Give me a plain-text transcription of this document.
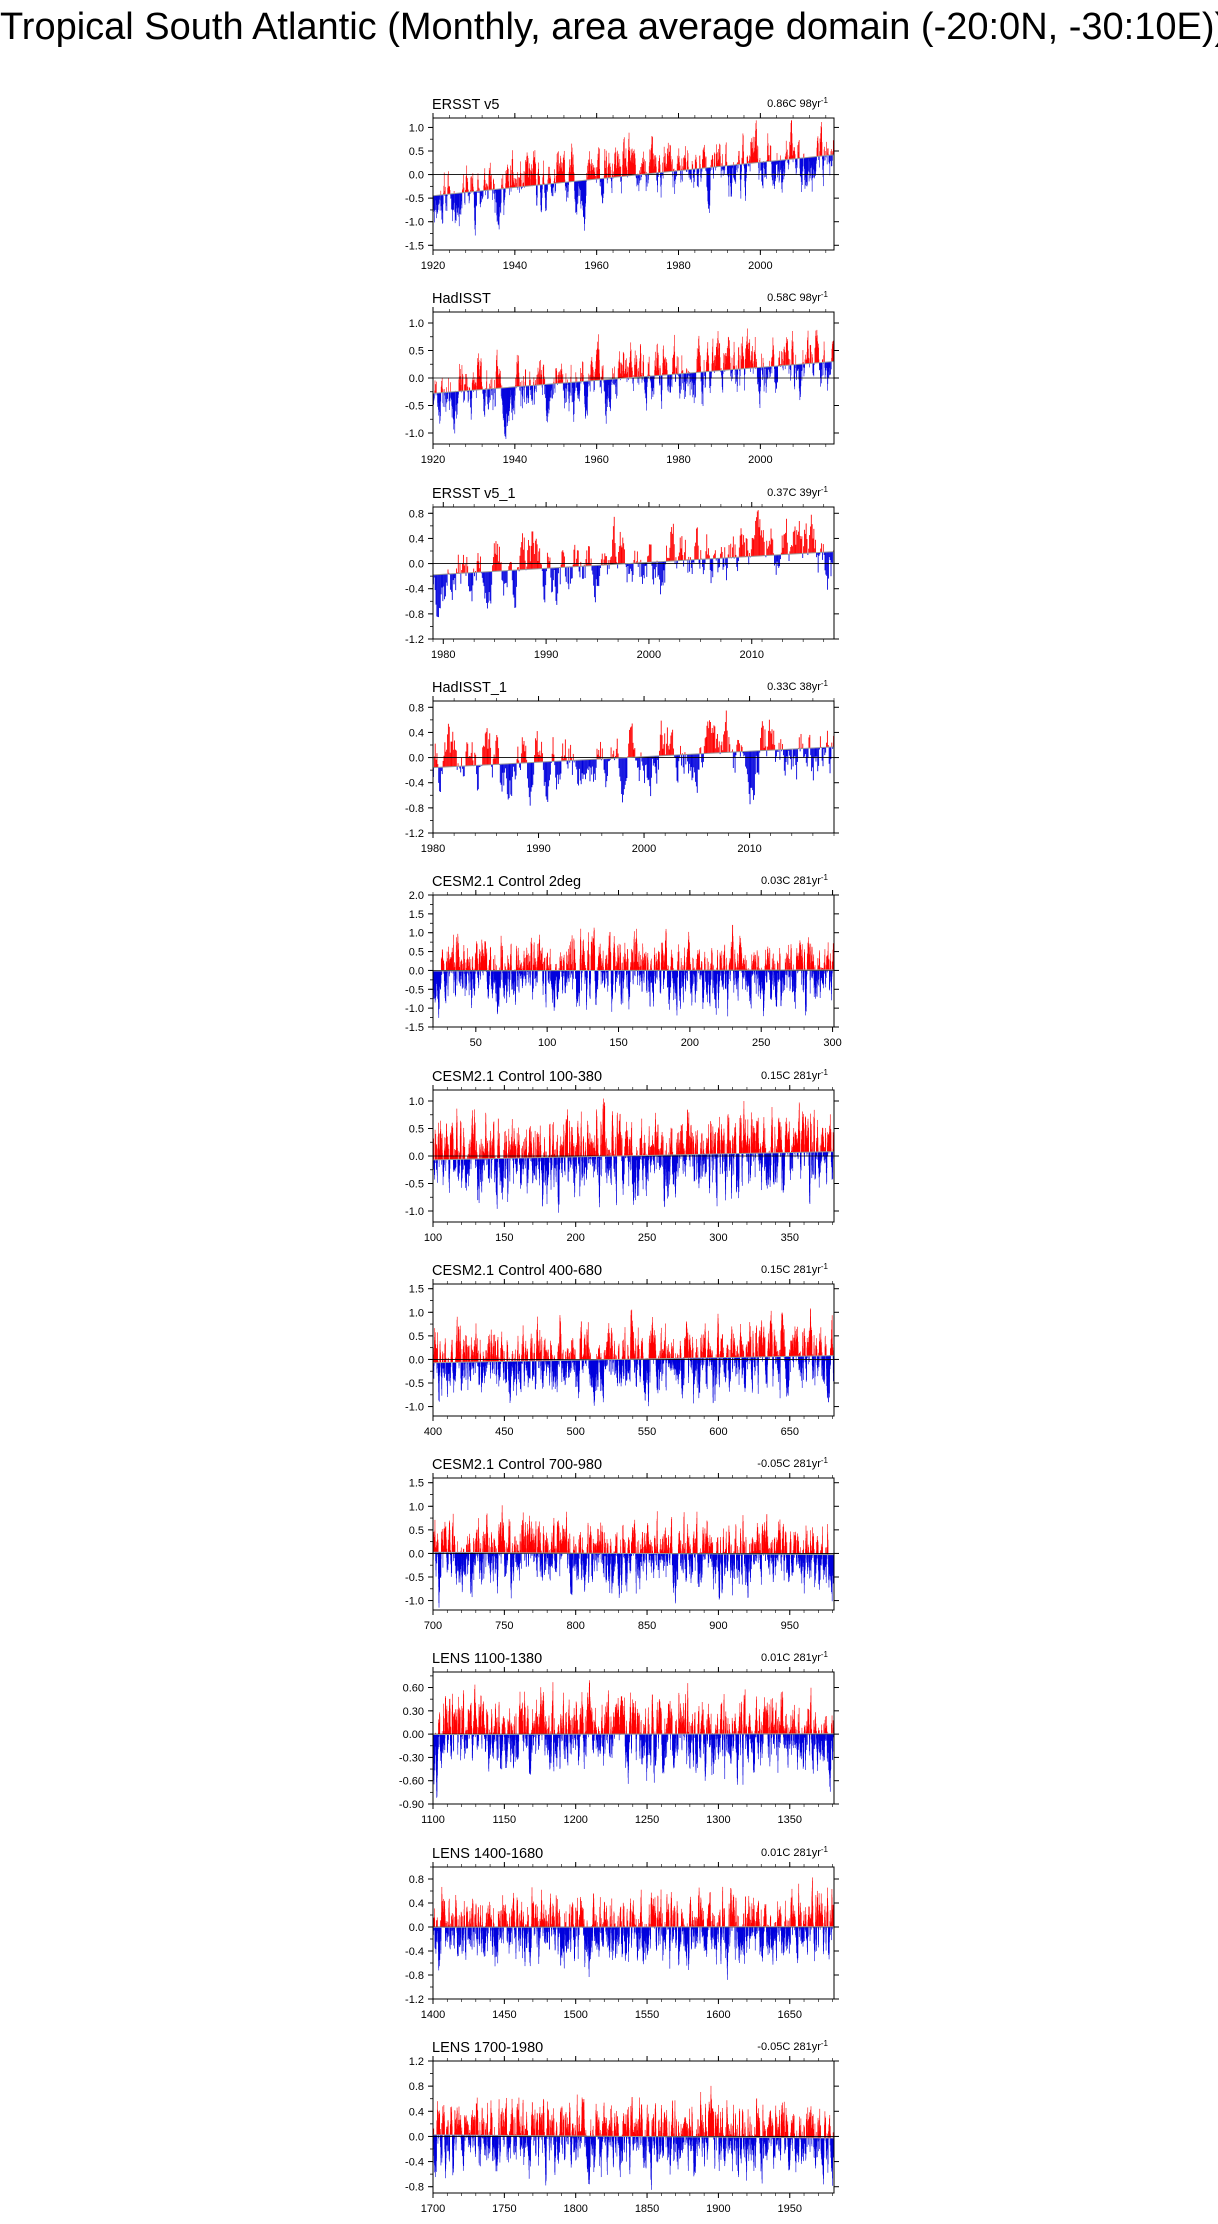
Tropical South Atlantic (Monthly, area average domain (-20:0N, -30:10E))
ERSST v5	0.86C $98yr^{-1}$
1.0
0.5
0.0
-0.5
-1.0
-1.5
1920	1940	1960	1980	2000
HadISST	0.58C $98yr^{-1}$
1.0
0.5
0.0
-0.5
-1.0
1920	1940	1960	1980	2000
ERSST v5_1	0.37C $39yr^{-1}$
0.8
0.4
0.0
-0.4
-0.8
-1.2
1980	1990	2000	2010
HadISST_1	0.33C $38yr^{-1}$
0.8
0.4
0.0
-0.4
-0.8
-1.2
1980	1990	2000	2010
CESM2.1 Control 2deg	0.03C $281yr^{-1}$
2.0
1.5
1.0
0.5
0.0
-0.5
-1.0
-1.5
50	100	150	200	250	300
CESM2.1 Control 100-380	0.15C $281yr^{-1}$
1.0
0.5
0.0
-0.5
-1.0
100	150	200	250	300	350
CESM2.1 Control 400-680	0.15C $281yr^{-1}$
1.5
1.0
0.5
0.0
-0.5
-1.0
400	450	500	550	600	650
CESM2.1 Control 700-980	-0.05C $281yr^{-1}$
1.5
1.0
0.5
0.0
-0.5
-1.0
700	750	800	850	900	950
LENS 1100-1380	0.01C $281yr^{-1}$
0.60
0.30
0.00
-0.30
-0.60
-0.90
1100	1150	1200	1250	1300	1350
LENS 1400-1680	0.01C $281yr^{-1}$
0.8
0.4
0.0
-0.4
-0.8
-1.2
1400	1450	1500	1550	1600	1650
LENS 1700-1980	-0.05C $281yr^{-1}$
1.2
0.8
0.4
0.0
-0.4
-0.8
1700	1750	1800	1850	1900	1950
